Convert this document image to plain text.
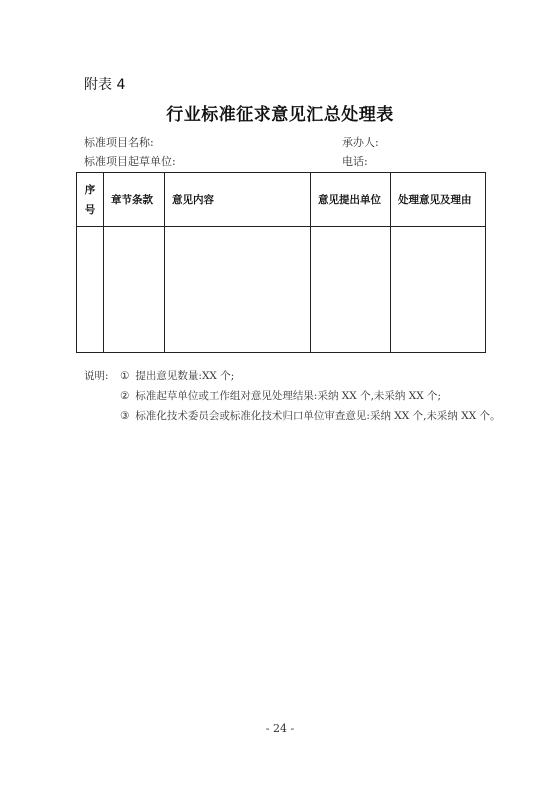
附表 4
行业标准征求意见汇总处理表
标准项目名称:	承办人:
标准项目起草单位:	电话:
序
号	章节条款	意见内容	意见提出单位	处理意见及理由

说明: ① 提出意见数量:XX 个;
② 标准起草单位或工作组对意见处理结果:采纳 XX 个,未采纳 XX 个;
③ 标准化技术委员会或标准化技术归口单位审查意见:采纳 XX 个,未采纳 XX 个。
- 24 -
